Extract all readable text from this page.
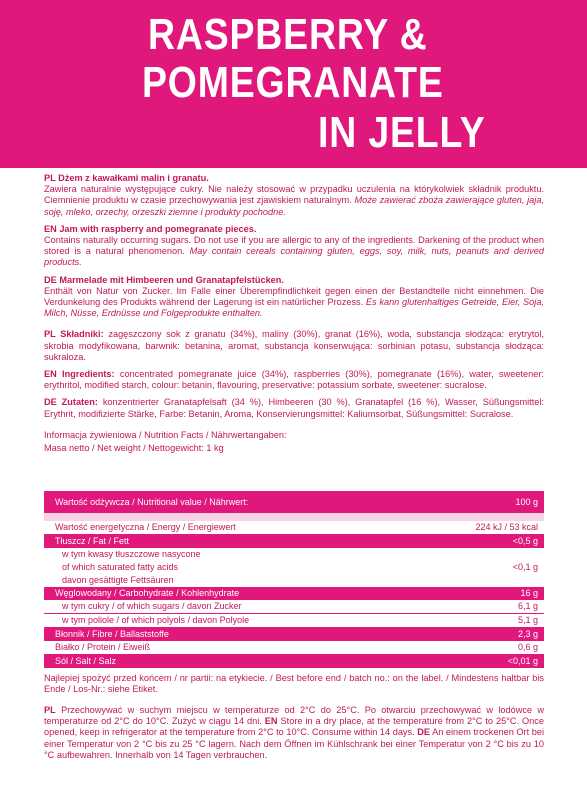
RASPBERRY &
POMEGRANATE
IN JELLY

PL Dżem z kawałkami malin i granatu.
Zawiera naturalnie występujące cukry. Nie należy stosować w przypadku uczulenia na którykolwiek składnik produktu. Ciemnienie produktu w czasie przechowywania jest zjawiskiem naturalnym. Może zawierać zboża zawierające gluten, jaja, soję, mleko, orzechy, orzeszki ziemne i produkty pochodne.

EN Jam with raspberry and pomegranate pieces.
Contains naturally occurring sugars. Do not use if you are allergic to any of the ingredients. Darkening of the product when stored is a natural phenomenon. May contain cereals containing gluten, eggs, soy, milk, nuts, peanuts and derived products.

DE Marmelade mit Himbeeren und Granatapfelstücken.
Enthält von Natur von Zucker. Im Falle einer Überempfindlichkeit gegen einen der Bestandteile nicht einnehmen. Die Verdunkelung des Produkts während der Lagerung ist ein natürlicher Prozess. Es kann glutenhaltiges Getreide, Eier, Soja, Milch, Nüsse, Erdnüsse und Folgeprodukte enthalten.

PL Składniki: zagęszczony sok z granatu (34%), maliny (30%), granat (16%), woda, substancja słodząca: erytrytol, skrobia modyfikowana, barwnik: betanina, aromat, substancja konserwująca: sorbinian potasu, substancja słodząca: sukraloza.

EN Ingredients: concentrated pomegranate juice (34%), raspberries (30%), pomegranate (16%), water, sweetener: erythritol, modified starch, colour: betanin, flavouring, preservative: potassium sorbate, sweetener: sucralose.

DE Zutaten: konzentrierter Granatapfelsaft (34 %), Himbeeren (30 %), Granatapfel (16 %), Wasser, Süßungsmittel: Erythrit, modifizierte Stärke, Farbe: Betanin, Aroma, Konservierungsmittel: Kaliumsorbat, Süßungsmittel: Sucralose.

Informacja żywieniowa / Nutrition Facts / Nährwertangaben:
Masa netto / Net weight / Nettogewicht: 1 kg
Wartość odżywcza / Nutritional value / Nährwert:	100 g

Wartość energetyczna / Energy / Energiewert	224 kJ / 53 kcal
Tłuszcz / Fat / Fett	<0,5 g
w tym kwasy tłuszczowe nasycone	
of which saturated fatty acids	<0,1 g
davon gesättigte Fettsäuren	
Węglowodany / Carbohydrate / Kohlenhydrate	16 g
w tym cukry / of which sugars / davon Zucker	6,1 g
w tym poliole / of which polyols / davon Polyole	5,1 g
Błonnik / Fibre / Ballaststoffe	2,3 g
Białko / Protein / Eiweiß	0,6 g
Sól / Salt / Salz	<0,01 g
Najlepiej spożyć przed końcem / nr partii: na etykiecie. / Best before end / batch no.: on the label. / Mindestens haltbar bis Ende / Los-Nr.: siehe Etiket.
PL Przechowywać w suchym miejscu w temperaturze od 2°C do 25°C. Po otwarciu przechowywać w lodówce w temperaturze od 2°C do 10°C. Zużyć w ciągu 14 dni. EN Store in a dry place, at the temperature from 2°C to 25°C. Once opened, keep in refrigerator at the temperature from 2°C to 10°C. Consume within 14 days. DE An einem trockenen Ort bei einer Temperatur von 2 °C bis zu 25 °C lagern. Nach dem Öffnen im Kühlschrank bei einer Temperatur von 2 °C bis zu 10 °C aufbewahren. Innerhalb von 14 Tagen verbrauchen.
